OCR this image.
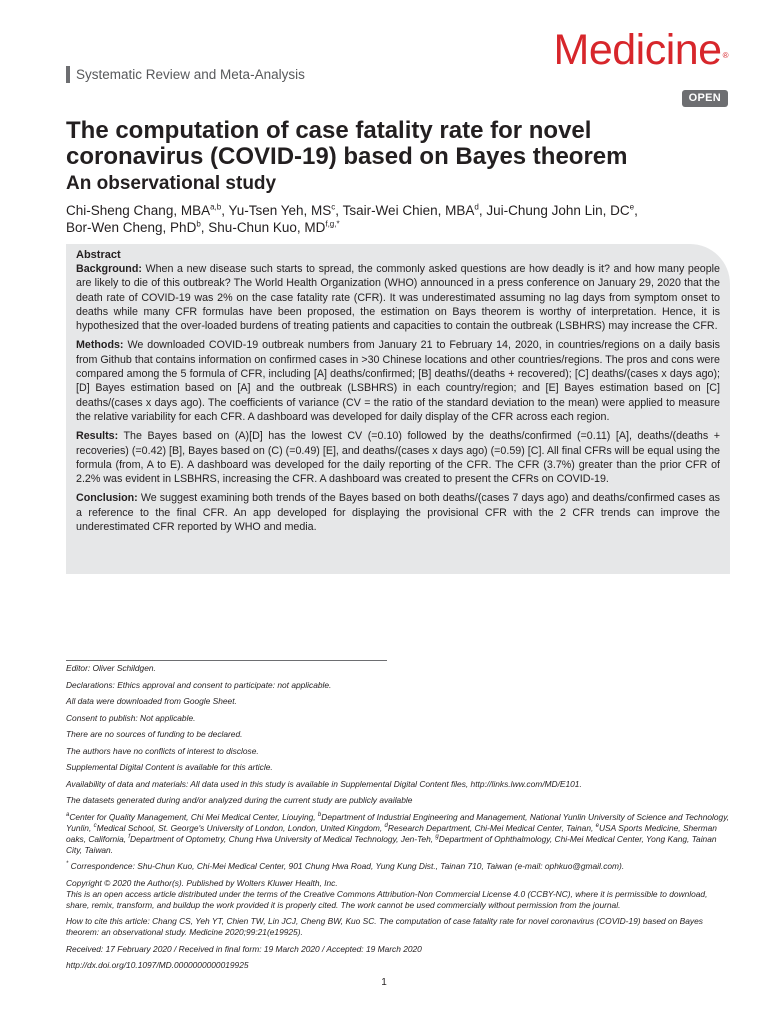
Systematic Review and Meta-Analysis
Medicine®
OPEN
The computation of case fatality rate for novel coronavirus (COVID-19) based on Bayes theorem
An observational study
Chi-Sheng Chang, MBA$^{a,b}$, Yu-Tsen Yeh, $MS^c$, Tsair-Wei Chien, MBA$^d$, Jui-Chung John Lin, DCe,
Bor-Wen Cheng, PhD$^b$, Shu-Chun Kuo, $MD^{f,g,*}$

Abstract

Background: When a new disease such starts to spread, the commonly asked questions are how deadly is it? and how many people are likely to die of this outbreak? The World Health Organization (WHO) announced in a press conference on January 29, 2020 that the death rate of COVID-19 was 2% on the case fatality rate (CFR). It was underestimated assuming no lag days from symptom onset to deaths while many CFR formulas have been proposed, the estimation on Bays theorem is worthy of interpretation. Hence, it is hypothesized that the over-loaded burdens of treating patients and capacities to contain the outbreak (LSBHRS) may increase the CFR.

Methods: We downloaded COVID-19 outbreak numbers from January 21 to February 14, 2020, in countries/regions on a daily basis from Github that contains information on confirmed cases in >30 Chinese locations and other countries/regions. The pros and cons were compared among the 5 formula of CFR, including [A] deaths/confirmed; [B] deaths/(deaths + recovered); [C] deaths/(cases x days ago); [D] Bayes estimation based on [A] and the outbreak (LSBHRS) in each country/region; and [E] Bayes estimation based on [C] deaths/(cases x days ago). The coefficients of variance (CV = the ratio of the standard deviation to the mean) were applied to measure the relative variability for each CFR. A dashboard was developed for daily display of the CFR across each region.

Results: The Bayes based on (A)[D] has the lowest CV (=0.10) followed by the deaths/confirmed (=0.11) [A], deaths/(deaths + recoveries) (=0.42) [B], Bayes based on (C) (=0.49) [E], and deaths/(cases x days ago) (=0.59) [C]. All final CFRs will be equal using the formula (from, A to E). A dashboard was developed for the daily reporting of the CFR. The CFR (3.7%) greater than the prior CFR of 2.2% was evident in LSBHRS, increasing the CFR. A dashboard was created to present the CFRs on COVID-19.

Conclusion: We suggest examining both trends of the Bayes based on both deaths/(cases 7 days ago) and deaths/confirmed cases as a reference to the final CFR. An app developed for displaying the provisional CFR with the 2 CFR trends can improve the underestimated CFR reported by WHO and media.

Editor: Oliver Schildgen.

Declarations: Ethics approval and consent to participate: not applicable.

All data were downloaded from Google Sheet.

Consent to publish: Not applicable.

There are no sources of funding to be declared.

The authors have no conflicts of interest to disclose.

Supplemental Digital Content is available for this article.

Availability of data and materials: All data used in this study is available in Supplemental Digital Content files, http://links.lww.com/MD/E101.

The datasets generated during and/or analyzed during the current study are publicly available

$^a$Center for Quality Management, Chi Mei Medical Center, Liouying, $^b$Department of Industrial Engineering and Management, National Yunlin University of Science and Technology, Yunlin, $^c$Medical School, St. George's University of London, London, United Kingdom, $^d$Research Department, Chi-Mei Medical Center, Tainan, $^e$USA Sports Medicine, Sherman oaks, California, $^f$Department of Optometry, Chung Hwa University of Medical Technology, Jen-Teh, $^g$Department of Ophthalmology, Chi-Mei Medical Center, Yong Kang, Tainan City, Taiwan.

* Correspondence: Shu-Chun Kuo, Chi-Mei Medical Center, 901 Chung Hwa Road, Yung Kung Dist., Tainan 710, Taiwan (e-mail: ophkuo@gmail.com).

Copyright © 2020 the Author(s). Published by Wolters Kluwer Health, Inc.

This is an open access article distributed under the terms of the Creative Commons Attribution-Non Commercial License 4.0 (CCBY-NC), where it is permissible to download, share, remix, transform, and buildup the work provided it is properly cited. The work cannot be used commercially without permission from the journal.

How to cite this article: Chang CS, Yeh YT, Chien TW, Lin JCJ, Cheng BW, Kuo SC. The computation of case fatality rate for novel coronavirus (COVID-19) based on Bayes theorem: an observational study. Medicine 2020;99:21(e19925).

Received: 17 February 2020 / Received in final form: 19 March 2020 / Accepted: 19 March 2020

http://dx.doi.org/10.1097/MD.0000000000019925

1
